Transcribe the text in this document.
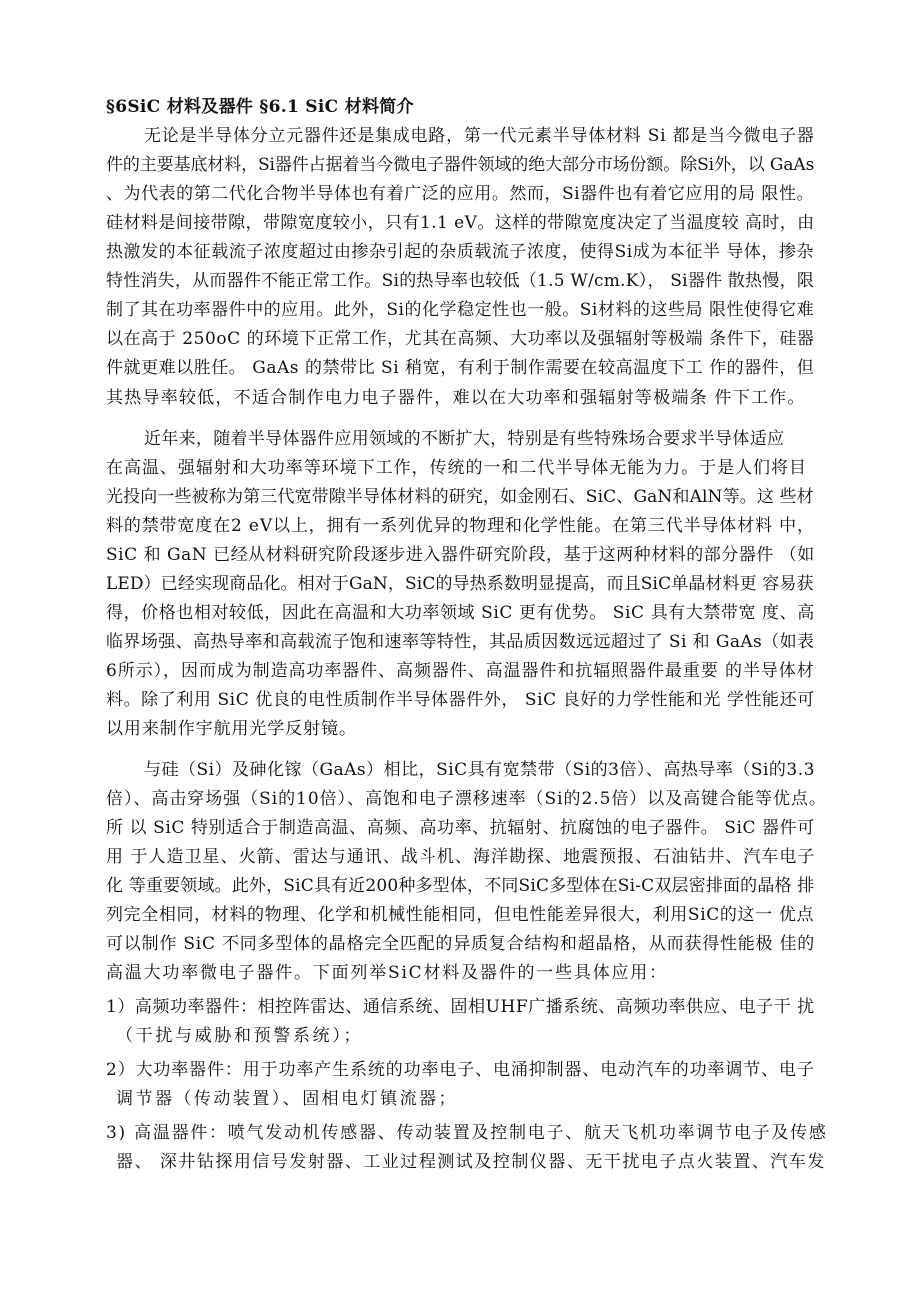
§6SiC 材料及器件 §6.1 SiC 材料简介
无论是半导体分立元器件还是集成电路，第一代元素半导体材料 Si 都是当今微电子器
件的主要基底材料，Si器件占据着当今微电子器件领域的绝大部分市场份额。除Si外，以 GaAs
、为代表的第二代化合物半导体也有着广泛的应用。然而，Si器件也有着它应用的局 限性。
硅材料是间接带隙，带隙宽度较小，只有1.1 eV。这样的带隙宽度决定了当温度较 高时，由
热激发的本征载流子浓度超过由掺杂引起的杂质载流子浓度，使得Si成为本征半 导体，掺杂
特性消失，从而器件不能正常工作。Si的热导率也较低（1.5 W/cm.K）， Si器件 散热慢，限
制了其在功率器件中的应用。此外，Si的化学稳定性也一般。Si材料的这些局 限性使得它难
以在高于 250oC 的环境下正常工作，尤其在高频、大功率以及强辐射等极端 条件下，硅器
件就更难以胜任。 GaAs 的禁带比 Si 稍宽，有利于制作需要在较高温度下工 作的器件，但
其热导率较低，不适合制作电力电子器件，难以在大功率和强辐射等极端条 件下工作。
近年来，随着半导体器件应用领域的不断扩大，特别是有些特殊场合要求半导体适应
在高温、强辐射和大功率等环境下工作，传统的一和二代半导体无能为力。于是人们将目
光投向一些被称为第三代宽带隙半导体材料的研究，如金刚石、SiC、GaN和AlN等。这 些材
料的禁带宽度在2 eV以上，拥有一系列优异的物理和化学性能。在第三代半导体材料 中，
SiC 和 GaN 已经从材料研究阶段逐步进入器件研究阶段，基于这两种材料的部分器件 （如
LED）已经实现商品化。相对于GaN，SiC的导热系数明显提高，而且SiC单晶材料更 容易获
得，价格也相对较低，因此在高温和大功率领域 SiC 更有优势。 SiC 具有大禁带宽 度、高
临界场强、高热导率和高载流子饱和速率等特性，其品质因数远远超过了 Si 和 GaAs（如表
6所示），因而成为制造高功率器件、高频器件、高温器件和抗辐照器件最重要 的半导体材
料。除了利用 SiC 优良的电性质制作半导体器件外， SiC 良好的力学性能和光 学性能还可
以用来制作宇航用光学反射镜。
与硅（Si）及砷化镓（GaAs）相比，SiC具有宽禁带（Si的3倍）、高热导率（Si的3.3
倍）、高击穿场强（Si的10倍）、高饱和电子漂移速率（Si的2.5倍）以及高键合能等优点。
所 以 SiC 特别适合于制造高温、高频、高功率、抗辐射、抗腐蚀的电子器件。 SiC 器件可
用 于人造卫星、火箭、雷达与通讯、战斗机、海洋勘探、地震预报、石油钻井、汽车电子
化 等重要领域。此外，SiC具有近200种多型体，不同SiC多型体在Si-C双层密排面的晶格 排
列完全相同，材料的物理、化学和机械性能相同，但电性能差异很大，利用SiC的这一 优点
可以制作 SiC 不同多型体的晶格完全匹配的异质复合结构和超晶格，从而获得性能极 佳的
高温大功率微电子器件。下面列举SiC材料及器件的一些具体应用：
1）高频功率器件：相控阵雷达、通信系统、固相UHF广播系统、高频功率供应、电子干 扰
（干扰与威胁和预警系统）；
2）大功率器件：用于功率产生系统的功率电子、电涌抑制器、电动汽车的功率调节、电子
调节器（传动装置）、固相电灯镇流器；
3) 高温器件：喷气发动机传感器、传动装置及控制电子、航天飞机功率调节电子及传感
器、 深井钻探用信号发射器、工业过程测试及控制仪器、无干扰电子点火装置、汽车发
